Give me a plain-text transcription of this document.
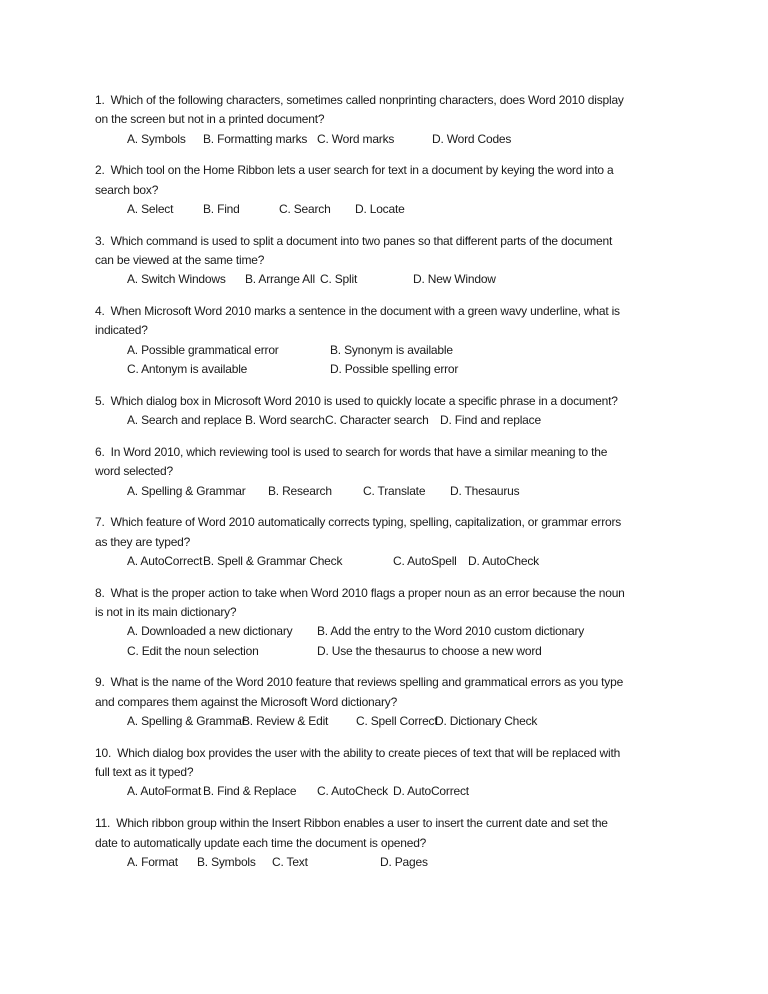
1. Which of the following characters, sometimes called nonprinting characters, does Word 2010 display
on the screen but not in a printed document?
A. Symbols B. Formatting marks C. Word marks	D. Word Codes
2. Which tool on the Home Ribbon lets a user search for text in a document by keying the word into a
search box?
A. Select B. Find	C. Search D. Locate
3. Which command is used to split a document into two panes so that different parts of the document
can be viewed at the same time?
A. Switch Windows B. Arrange All C. Split	D. New Window
4. When Microsoft Word 2010 marks a sentence in the document with a green wavy underline, what is
indicated?
A. Possible grammatical error	B. Synonym is available
C. Antonym is available	D. Possible spelling error
5. Which dialog box in Microsoft Word 2010 is used to quickly locate a specific phrase in a document?
A. Search and replace B. Word search C. Character search D. Find and replace
6. In Word 2010, which reviewing tool is used to search for words that have a similar meaning to the
word selected?
A. Spelling & Grammar B. Research	C. Translate D. Thesaurus
7. Which feature of Word 2010 automatically corrects typing, spelling, capitalization, or grammar errors
as they are typed?
A. AutoCorrect B. Spell & Grammar Check	C. AutoSpell D. AutoCheck
8. What is the proper action to take when Word 2010 flags a proper noun as an error because the noun
is not in its main dictionary?
A. Downloaded a new dictionary B. Add the entry to the Word 2010 custom dictionary
C. Edit the noun selection	D. Use the thesaurus to choose a new word
9. What is the name of the Word 2010 feature that reviews spelling and grammatical errors as you type
and compares them against the Microsoft Word dictionary?
A. Spelling & Grammar
B. Review & Edit C. Spell Correct
D. Dictionary Check
10. Which dialog box provides the user with the ability to create pieces of text that will be replaced with
full text as it typed?
A. AutoFormat B. Find & Replace C. AutoCheck D. AutoCorrect
11. Which ribbon group within the Insert Ribbon enables a user to insert the current date and set the
date to automatically update each time the document is opened?
A. Format B. Symbols C. Text	D. Pages
